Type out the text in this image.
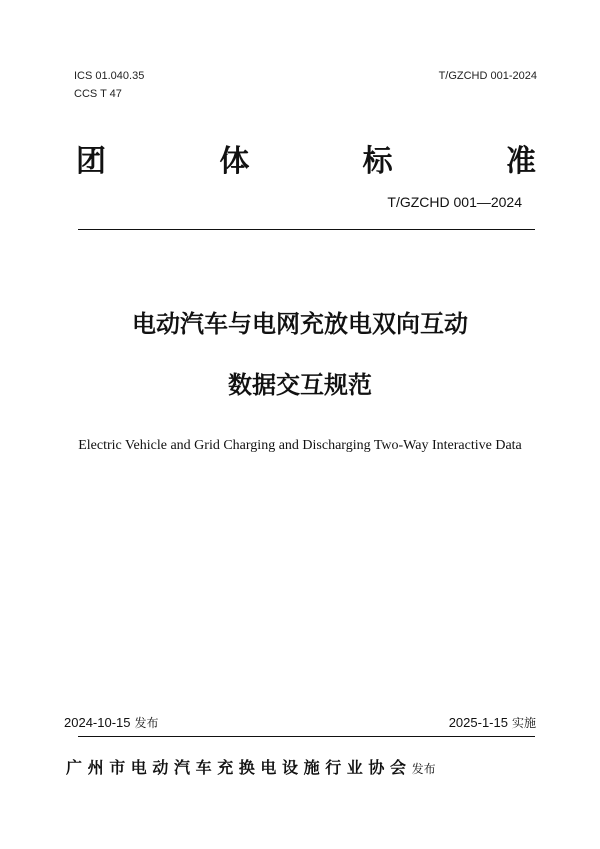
ICS 01.040.35
CCS T 47
T/GZCHD 001-2024
团	体	标	准
T/GZCHD 001—2024
电动汽车与电网充放电双向互动
数据交互规范
Electric Vehicle and Grid Charging and Discharging Two-Way Interactive Data
2024-10-15 发布	2025-1-15 实施
广州市电动汽车充换电设施行业协会发布
